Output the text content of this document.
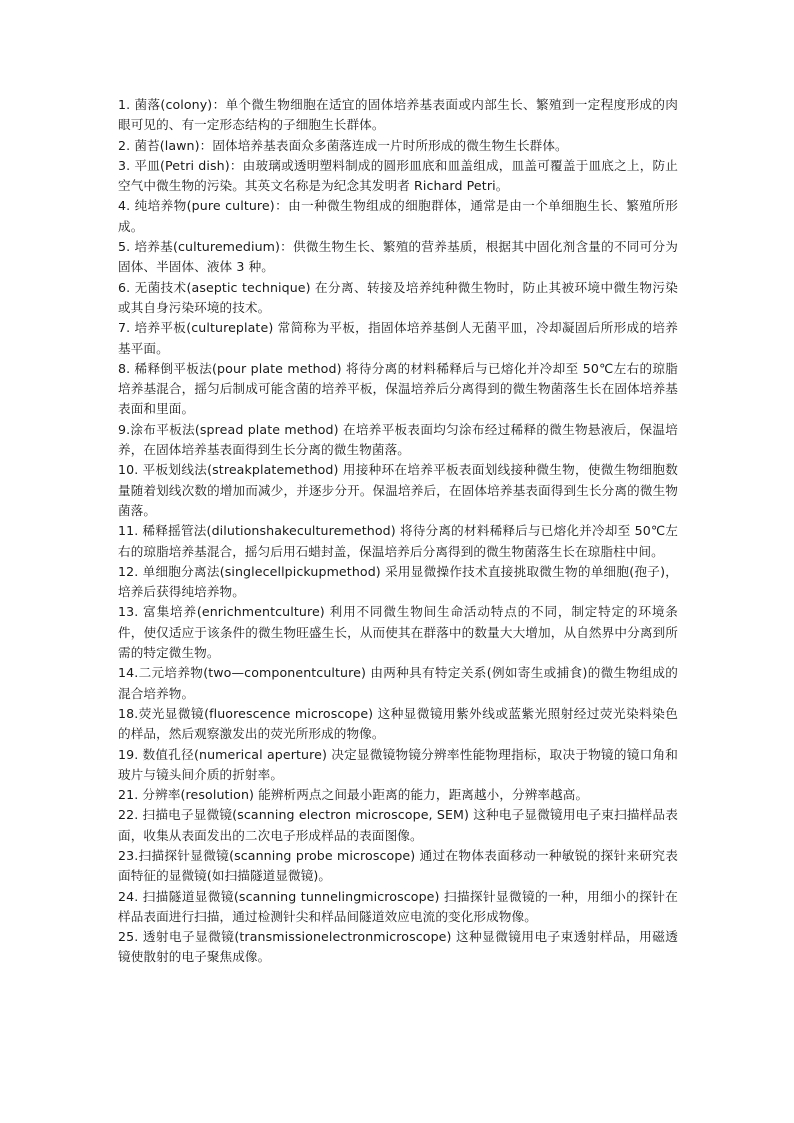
1. 菌落(colony)：单个微生物细胞在适宜的固体培养基表面或内部生长、繁殖到一定程度形成的肉眼可见的、有一定形态结构的子细胞生长群体。

2. 菌苔(lawn)：固体培养基表面众多菌落连成一片时所形成的微生物生长群体。

3. 平皿(Petri dish)：由玻璃或透明塑料制成的圆形皿底和皿盖组成，皿盖可覆盖于皿底之上，防止空气中微生物的污染。其英文名称是为纪念其发明者 Richard Petri。

4. 纯培养物(pure culture)：由一种微生物组成的细胞群体，通常是由一个单细胞生长、繁殖所形成。

5. 培养基(culturemedium)：供微生物生长、繁殖的营养基质，根据其中固化剂含量的不同可分为固体、半固体、液体 3 种。

6. 无菌技术(aseptic technique) 在分离、转接及培养纯种微生物时，防止其被环境中微生物污染或其自身污染环境的技术。

7. 培养平板(cultureplate) 常简称为平板，指固体培养基倒人无菌平皿，冷却凝固后所形成的培养基平面。

8. 稀释倒平板法(pour plate method) 将待分离的材料稀释后与已熔化并冷却至 50℃左右的琼脂培养基混合，摇匀后制成可能含菌的培养平板，保温培养后分离得到的微生物菌落生长在固体培养基表面和里面。

9.涂布平板法(spread plate method) 在培养平板表面均匀涂布经过稀释的微生物悬液后，保温培养，在固体培养基表面得到生长分离的微生物菌落。

10. 平板划线法(streakplatemethod) 用接种环在培养平板表面划线接种微生物，使微生物细胞数量随着划线次数的增加而减少，并逐步分开。保温培养后，在固体培养基表面得到生长分离的微生物菌落。

11. 稀释摇管法(dilutionshakeculturemethod) 将待分离的材料稀释后与已熔化并冷却至 50℃左右的琼脂培养基混合，摇匀后用石蜡封盖，保温培养后分离得到的微生物菌落生长在琼脂柱中间。

12. 单细胞分离法(singlecellpickupmethod) 采用显微操作技术直接挑取微生物的单细胞(孢子)，培养后获得纯培养物。

13. 富集培养(enrichmentculture) 利用不同微生物间生命活动特点的不同，制定特定的环境条件，使仅适应于该条件的微生物旺盛生长，从而使其在群落中的数量大大增加，从自然界中分离到所需的特定微生物。

14.二元培养物(two—componentculture) 由两种具有特定关系(例如寄生或捕食)的微生物组成的混合培养物。

18.荧光显微镜(fluorescence microscope) 这种显微镜用紫外线或蓝紫光照射经过荧光染料染色的样品，然后观察激发出的荧光所形成的物像。

19. 数值孔径(numerical aperture) 决定显微镜物镜分辨率性能物理指标，取决于物镜的镜口角和玻片与镜头间介质的折射率。

21. 分辨率(resolution) 能辨析两点之间最小距离的能力，距离越小，分辨率越高。

22. 扫描电子显微镜(scanning electron microscope, SEM) 这种电子显微镜用电子束扫描样品表面，收集从表面发出的二次电子形成样品的表面图像。

23.扫描探针显微镜(scanning probe microscope) 通过在物体表面移动一种敏锐的探针来研究表面特征的显微镜(如扫描隧道显微镜)。

24. 扫描隧道显微镜(scanning tunnelingmicroscope) 扫描探针显微镜的一种，用细小的探针在样品表面进行扫描，通过检测针尖和样品间隧道效应电流的变化形成物像。

25. 透射电子显微镜(transmissionelectronmicroscope) 这种显微镜用电子束透射样品，用磁透镜使散射的电子聚焦成像。
